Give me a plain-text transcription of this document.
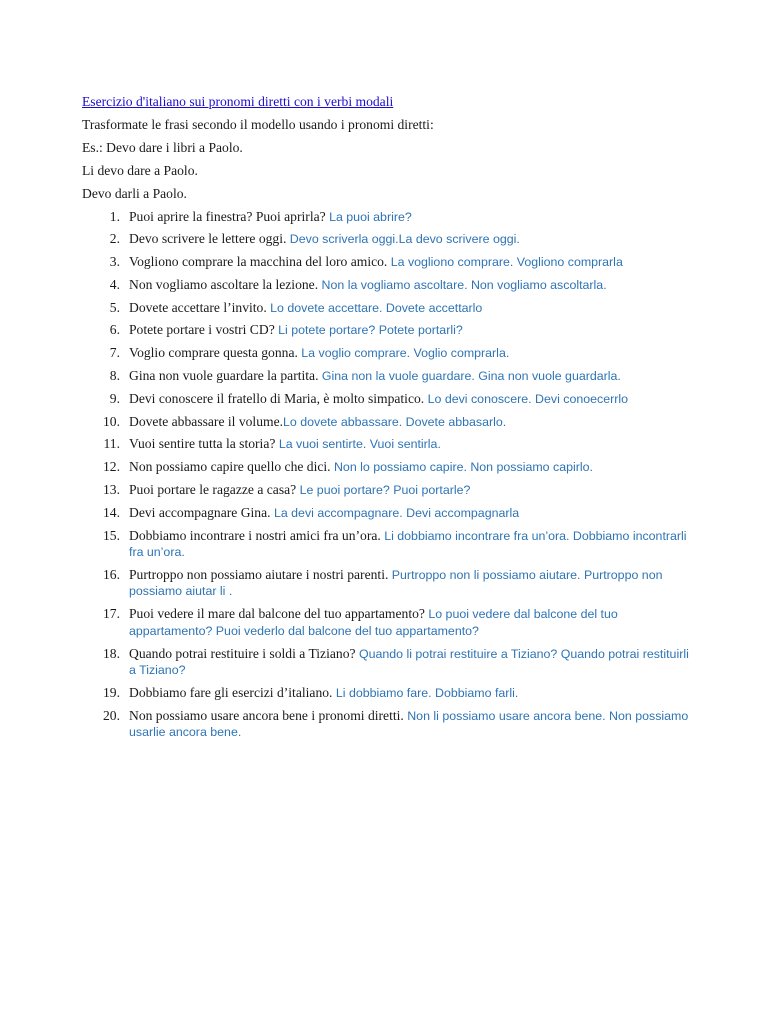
Esercizio d'italiano sui pronomi diretti con i verbi modali

Trasformate le frasi secondo il modello usando i pronomi diretti:

Es.: Devo dare i libri a Paolo.

Li devo dare a Paolo.

Devo darli a Paolo.

1. Puoi aprire la finestra? Puoi aprirla? La puoi abrire?
2. Devo scrivere le lettere oggi. Devo scriverla oggi.La devo scrivere oggi.
3. Vogliono comprare la macchina del loro amico. La vogliono comprare. Vogliono comprarla
4. Non vogliamo ascoltare la lezione. Non la vogliamo ascoltare. Non vogliamo ascoltarla.
5. Dovete accettare l’invito. Lo dovete accettare. Dovete accettarlo
6. Potete portare i vostri CD? Li potete portare? Potete portarli?
7. Voglio comprare questa gonna. La voglio comprare. Voglio comprarla.
8. Gina non vuole guardare la partita. Gina non la vuole guardare. Gina non vuole guardarla.
9. Devi conoscere il fratello di Maria, è molto simpatico. Lo devi conoscere. Devi conoecerrlo
10. Dovete abbassare il volume.Lo dovete abbassare. Dovete abbasarlo.
11. Vuoi sentire tutta la storia? La vuoi sentirte. Vuoi sentirla.
12. Non possiamo capire quello che dici. Non lo possiamo capire. Non possiamo capirlo.
13. Puoi portare le ragazze a casa? Le puoi portare? Puoi portarle?
14. Devi accompagnare Gina. La devi accompagnare. Devi accompagnarla
15. Dobbiamo incontrare i nostri amici fra un’ora. Li dobbiamo incontrare fra un’ora. Dobbiamo incontrarli fra un’ora.
16. Purtroppo non possiamo aiutare i nostri parenti. Purtroppo non li possiamo aiutare. Purtroppo non possiamo aiutar li .
17. Puoi vedere il mare dal balcone del tuo appartamento? Lo puoi vedere dal balcone del tuo appartamento? Puoi vederlo dal balcone del tuo appartamento?
18. Quando potrai restituire i soldi a Tiziano? Quando li potrai restituire a Tiziano? Quando potrai restituirli a Tiziano?
19. Dobbiamo fare gli esercizi d’italiano. Li dobbiamo fare. Dobbiamo farli.
20. Non possiamo usare ancora bene i pronomi diretti. Non li possiamo usare ancora bene. Non possiamo usarlie ancora bene.
